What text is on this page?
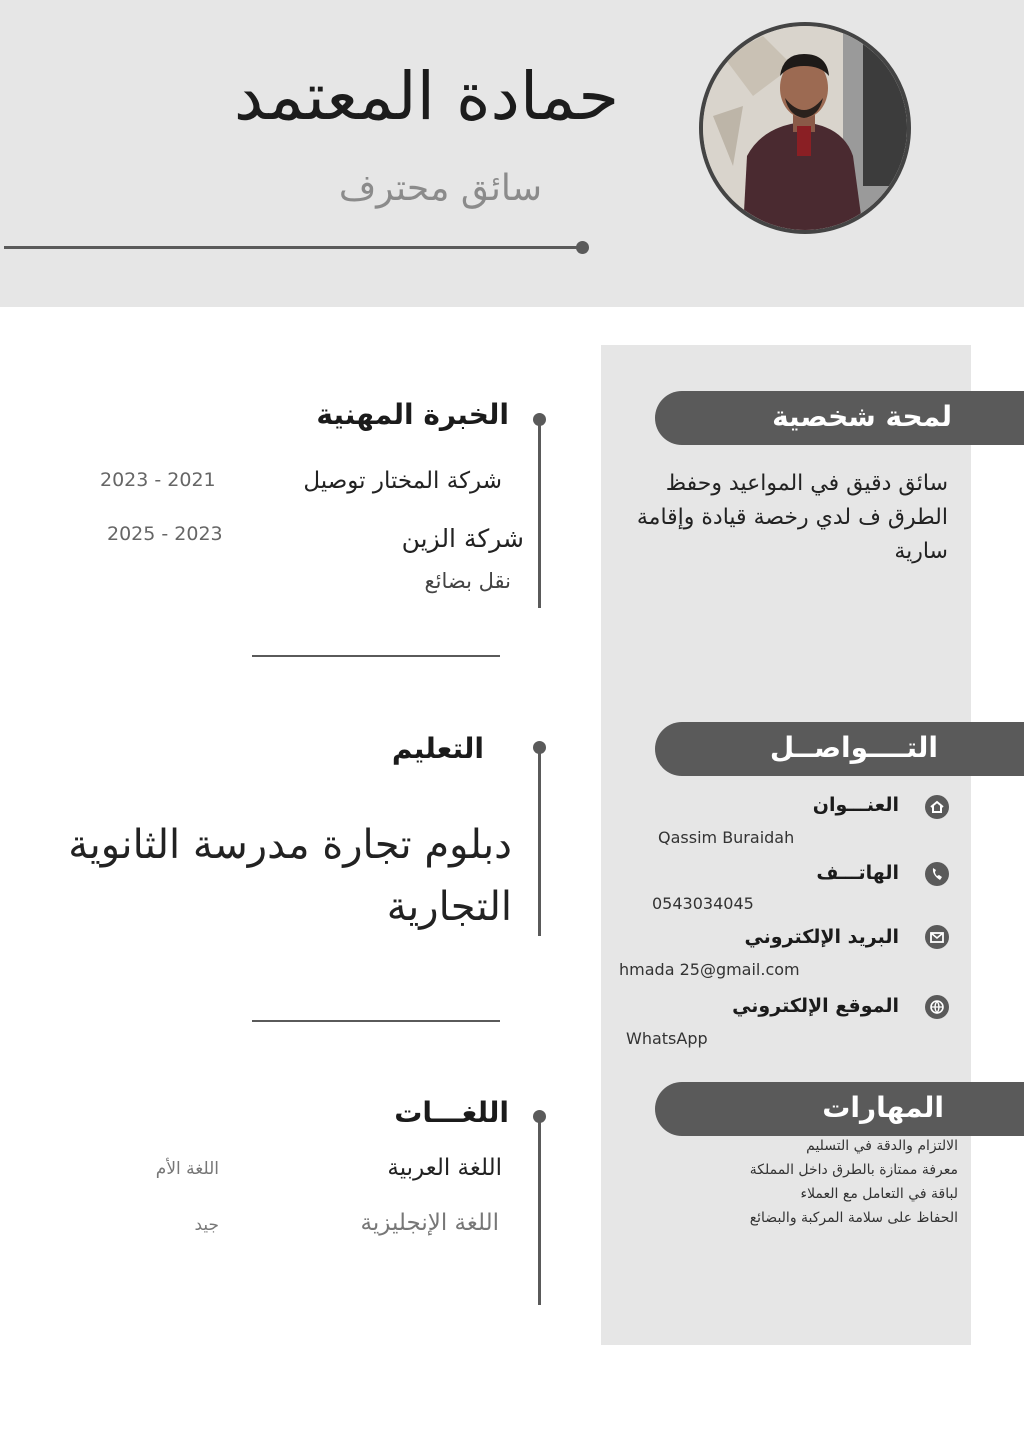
حمادة المعتمد
سائق محترف
لمحة شخصية
سائق دقيق في المواعيد وحفظ الطرق ف لدي رخصة قيادة وإقامة سارية
التــــواصــل
العنـــوان
Qassim Buraidah
الهاتـــف
0543034045
البريد الإلكتروني
hmada 25@gmail.com
الموقع الإلكتروني
WhatsApp
المهارات
الالتزام والدقة في التسليم
معرفة ممتازة بالطرق داخل المملكة
لباقة في التعامل مع العملاء
الحفاظ على سلامة المركبة والبضائع
الخبرة المهنية
شركة المختار توصيل
2023 - 2021
شركة الزين
2025 - 2023
نقل بضائع
التعليم
دبلوم تجارة مدرسة الثانوية
التجارية
اللغـــات
اللغة العربية
اللغة الأم
اللغة الإنجليزية
جيد
